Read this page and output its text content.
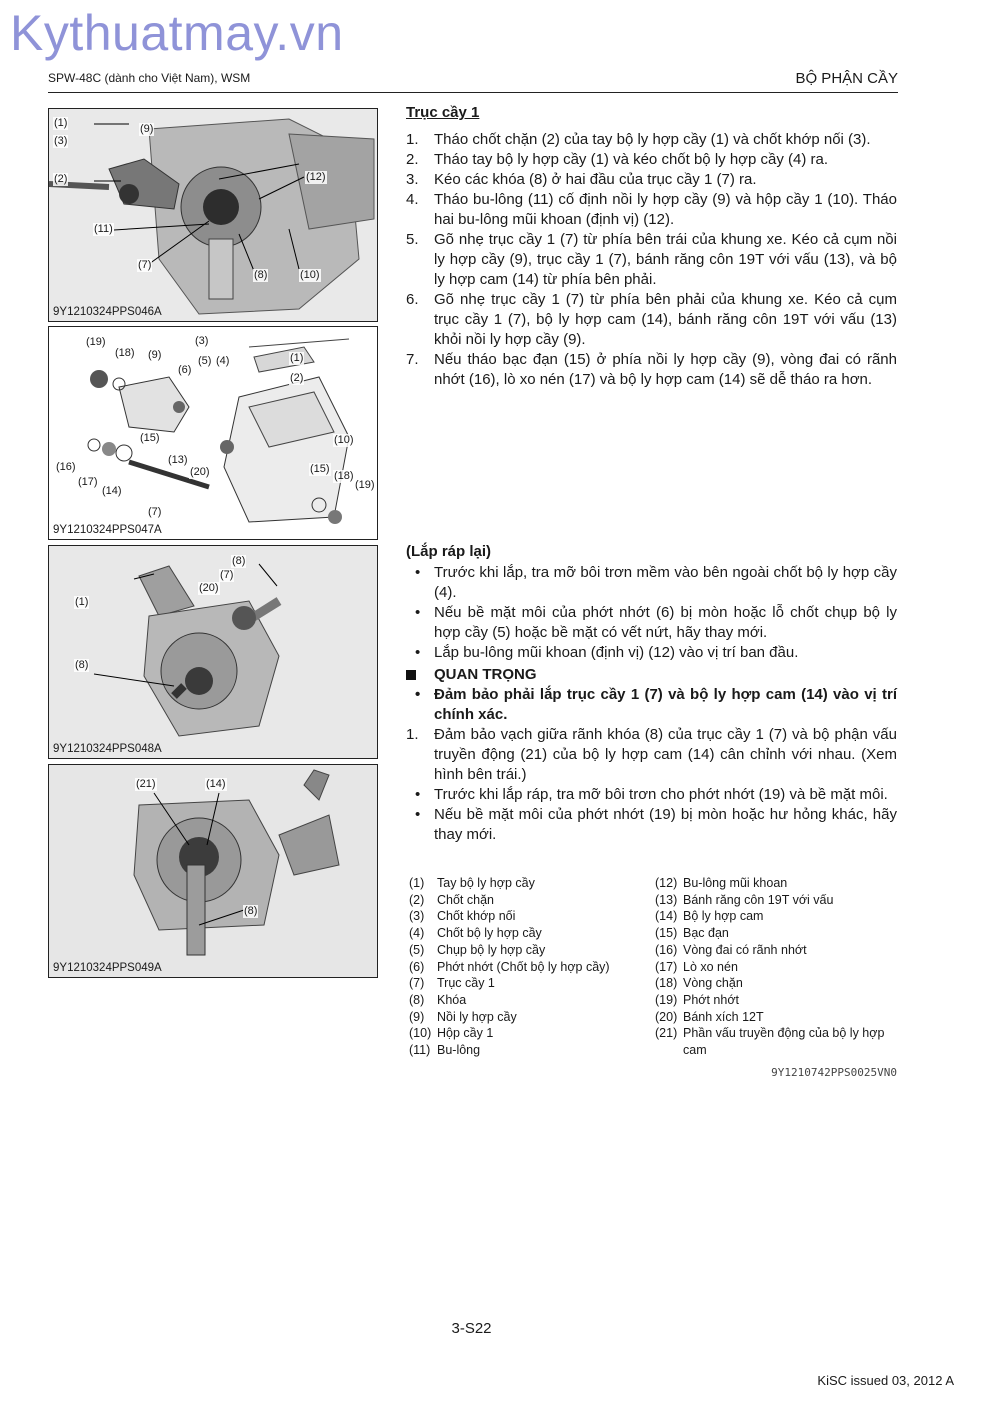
Kythuatmay.vn
SPW-48C (dành cho Việt Nam), WSM	BỘ PHẬN CẦY
(1)
(3)
(2)
(9)
(12)
(11)
(7)
(8)	(10)
9Y1210324PPS046A
(19)
(18) (9)
(3)
(6)
(5) (4)	(1)
(2)
(15)	(10)
(13)
(20)
(16)
(17)
(14)
(7)
(15)
(18)
(19)
9Y1210324PPS047A
(8)
(7)
(20)
(1)
(8)
9Y1210324PPS048A
(21)	(14)
(8)
9Y1210324PPS049A
Trục cầy 1
1. Tháo chốt chặn (2) của tay bộ ly hợp cầy (1) và chốt khớp nối (3).
2. Tháo tay bộ ly hợp cầy (1) và kéo chốt bộ ly hợp cầy (4) ra.
3. Kéo các khóa (8) ở hai đầu của trục cầy 1 (7) ra.
4. Tháo bu-lông (11) cố định nồi ly hợp cầy (9) và hộp cầy 1 (10). Tháo hai bu-lông mũi khoan (định vị) (12).
5. Gõ nhẹ trục cầy 1 (7) từ phía bên trái của khung xe. Kéo cả cụm nồi ly hợp cầy (9), trục cầy 1 (7), bánh răng côn 19T với vấu (13), và bộ ly hợp cam (14) từ phía bên phải.
6. Gõ nhẹ trục cầy 1 (7) từ phía bên phải của khung xe. Kéo cả cụm trục cầy 1 (7), bộ ly hợp cam (14), bánh răng côn 19T với vấu (13) khỏi nồi ly hợp cầy (9).
7. Nếu tháo bạc đạn (15) ở phía nồi ly hợp cầy (9), vòng đai có rãnh nhớt (16), lò xo nén (17) và bộ ly hợp cam (14) sẽ dễ tháo ra hơn.
(Lắp ráp lại)
• Trước khi lắp, tra mỡ bôi trơn mềm vào bên ngoài chốt bộ ly hợp cầy (4).
• Nếu bề mặt môi của phớt nhớt (6) bị mòn hoặc lỗ chốt chụp bộ ly hợp cầy (5) hoặc bề mặt có vết nứt, hãy thay mới.
• Lắp bu-lông mũi khoan (định vị) (12) vào vị trí ban đầu.
QUAN TRỌNG
• Đảm bảo phải lắp trục cầy 1 (7) và bộ ly hợp cam (14) vào vị trí chính xác.
1. Đảm bảo vạch giữa rãnh khóa (8) của trục cầy 1 (7) và bộ phận vấu truyền động (21) của bộ ly hợp cam (14) cân chỉnh với nhau. (Xem hình bên trái.)
• Trước khi lắp ráp, tra mỡ bôi trơn cho phớt nhớt (19) và bề mặt môi.
• Nếu bề mặt môi của phớt nhớt (19) bị mòn hoặc hư hỏng khác, hãy thay mới.
(1) Tay bộ ly hợp cầy
(2) Chốt chặn
(3) Chốt khớp nối
(4) Chốt bộ ly hợp cầy
(5) Chụp bộ ly hợp cầy
(6) Phớt nhớt (Chốt bộ ly hợp cầy)
(7) Trục cầy 1
(8) Khóa
(9) Nồi ly hợp cầy
(10) Hộp cầy 1
(11) Bu-lông
(12) Bu-lông mũi khoan
(13) Bánh răng côn 19T với vấu
(14) Bộ ly hợp cam
(15) Bạc đạn
(16) Vòng đai có rãnh nhớt
(17) Lò xo nén
(18) Vòng chặn
(19) Phớt nhớt
(20) Bánh xích 12T
(21) Phần vấu truyền động của bộ ly hợp cam
9Y1210742PPS0025VN0
3-S22
KiSC issued 03, 2012 A
